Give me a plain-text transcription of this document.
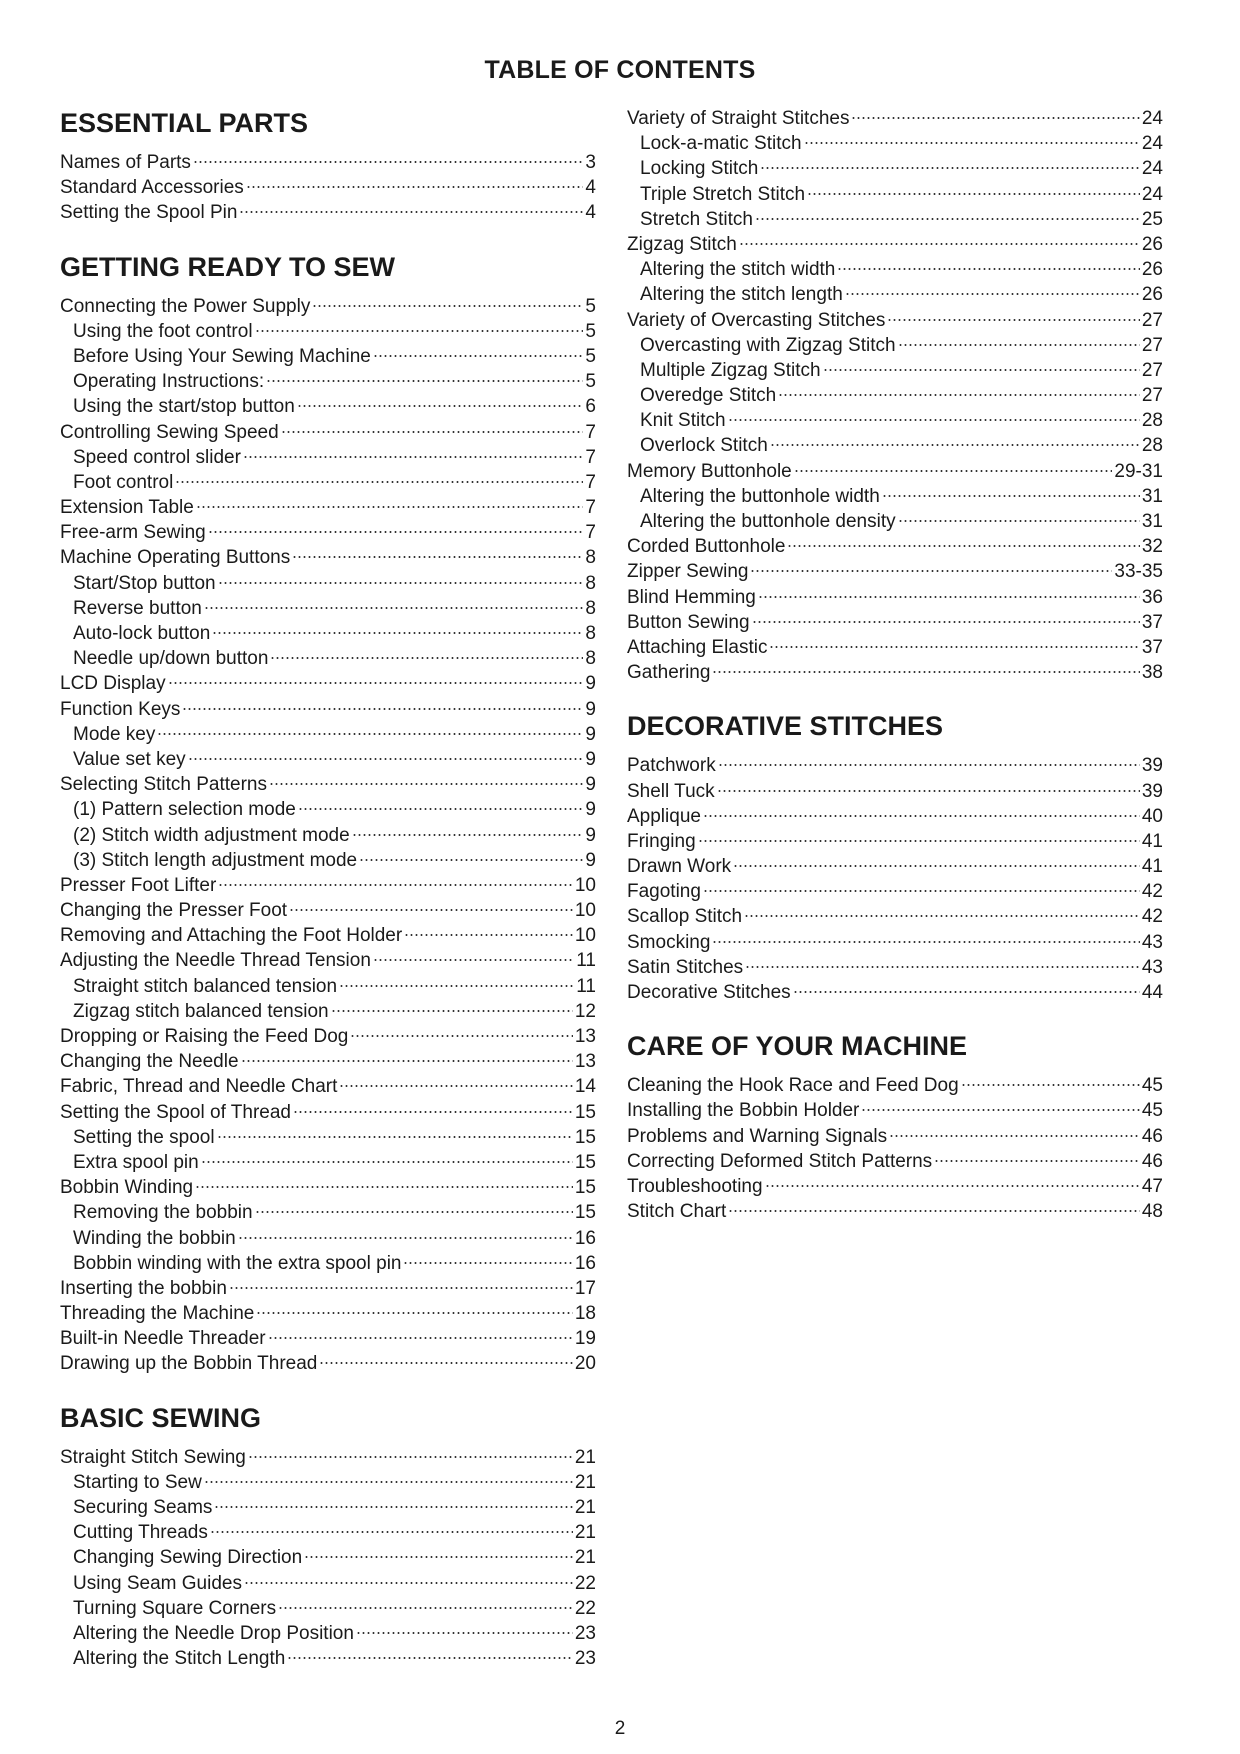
TABLE OF CONTENTS
ESSENTIAL PARTS
Names of Parts	3
Standard Accessories	4
Setting the Spool Pin	4
GETTING READY TO SEW
Connecting the Power Supply	5
Using the foot control	5
Before Using Your Sewing Machine	5
Operating Instructions:	5
Using the start/stop button	6
Controlling Sewing Speed	7
Speed control slider	7
Foot control	7
Extension Table	7
Free-arm Sewing	7
Machine Operating Buttons	8
Start/Stop button	8
Reverse button	8
Auto-lock button	8
Needle up/down button	8
LCD Display	9
Function Keys	9
Mode key	9
Value set key	9
Selecting Stitch Patterns	9
(1) Pattern selection mode	9
(2) Stitch width adjustment mode	9
(3) Stitch length adjustment mode	9
Presser Foot Lifter	10
Changing the Presser Foot	10
Removing and Attaching the Foot Holder	10
Adjusting the Needle Thread Tension	11
Straight stitch balanced tension	11
Zigzag stitch balanced tension	12
Dropping or Raising the Feed Dog	13
Changing the Needle	13
Fabric, Thread and Needle Chart	14
Setting the Spool of Thread	15
Setting the spool	15
Extra spool pin	15
Bobbin Winding	15
Removing the bobbin	15
Winding the bobbin	16
Bobbin winding with the extra spool pin	16
Inserting the bobbin	17
Threading the Machine	18
Built-in Needle Threader	19
Drawing up the Bobbin Thread	20
BASIC SEWING
Straight Stitch Sewing	21
Starting to Sew	21
Securing Seams	21
Cutting Threads	21
Changing Sewing Direction	21
Using Seam Guides	22
Turning Square Corners	22
Altering the Needle Drop Position	23
Altering the Stitch Length	23
Variety of Straight Stitches	24
Lock-a-matic Stitch	24
Locking Stitch	24
Triple Stretch Stitch	24
Stretch Stitch	25
Zigzag Stitch	26
Altering the stitch width	26
Altering the stitch length	26
Variety of Overcasting Stitches	27
Overcasting with Zigzag Stitch	27
Multiple Zigzag Stitch	27
Overedge Stitch	27
Knit Stitch	28
Overlock Stitch	28
Memory Buttonhole	29-31
Altering the buttonhole width	31
Altering the buttonhole density	31
Corded Buttonhole	32
Zipper Sewing	33-35
Blind Hemming	36
Button Sewing	37
Attaching Elastic	37
Gathering	38
DECORATIVE STITCHES
Patchwork	39
Shell Tuck	39
Applique	40
Fringing	41
Drawn Work	41
Fagoting	42
Scallop Stitch	42
Smocking	43
Satin Stitches	43
Decorative Stitches	44
CARE OF YOUR MACHINE
Cleaning the Hook Race and Feed Dog	45
Installing the Bobbin Holder	45
Problems and Warning Signals	46
Correcting Deformed Stitch Patterns	46
Troubleshooting	47
Stitch Chart	48
2
